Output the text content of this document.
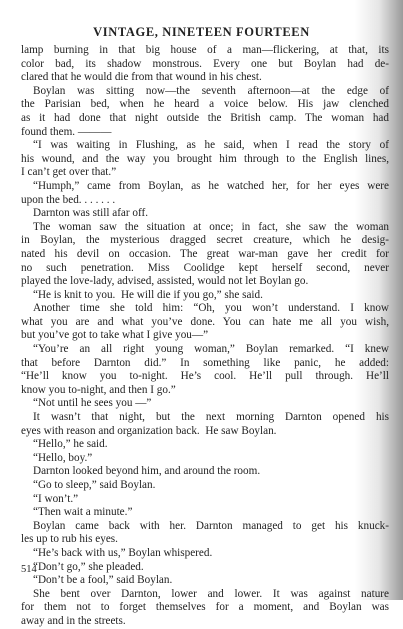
VINTAGE, NINETEEN FOURTEEN
lamp burning in that big house of a man—flickering, at that, its
color bad, its shadow monstrous. Every one but Boylan had de-
clared that he would die from that wound in his chest.
Boylan was sitting now—the seventh afternoon—at the edge of
the Parisian bed, when he heard a voice below. His jaw clenched
as it had done that night outside the British camp. The woman had
found them. ———
“I was waiting in Flushing, as he said, when I read the story of
his wound, and the way you brought him through to the English lines,
I can’t get over that.”
“Humph,” came from Boylan, as he watched her, for her eyes were
upon the bed. . . . . . .
Darnton was still afar off.
The woman saw the situation at once; in fact, she saw the woman
in Boylan, the mysterious dragged secret creature, which he desig-
nated his devil on occasion. The great war-man gave her credit for
no such penetration. Miss Coolidge kept herself second, never
played the love-lady, advised, assisted, would not let Boylan go.
“He is knit to you.  He will die if you go,” she said.
Another time she told him: “Oh, you won’t understand. I know
what you are and what you’ve done. You can hate me all you wish,
but you’ve got to take what I give you—”
“You’re an all right young woman,” Boylan remarked. “I knew
that before Darnton did.” In something like panic, he added:
“He’ll know you to-night. He’s cool. He’ll pull through. He’ll
know you to-night, and then I go.”
“Not until he sees you —”
It wasn’t that night, but the next morning Darnton opened his
eyes with reason and organization back.  He saw Boylan.
“Hello,” he said.
“Hello, boy.”
Darnton looked beyond him, and around the room.
“Go to sleep,” said Boylan.
“I won’t.”
“Then wait a minute.”
Boylan came back with her. Darnton managed to get his knuck-
les up to rub his eyes.
“He’s back with us,” Boylan whispered.
“Don’t go,” she pleaded.
“Don’t be a fool,” said Boylan.
She bent over Darnton, lower and lower. It was against nature
for them not to forget themselves for a moment, and Boylan was
away and in the streets.
514
